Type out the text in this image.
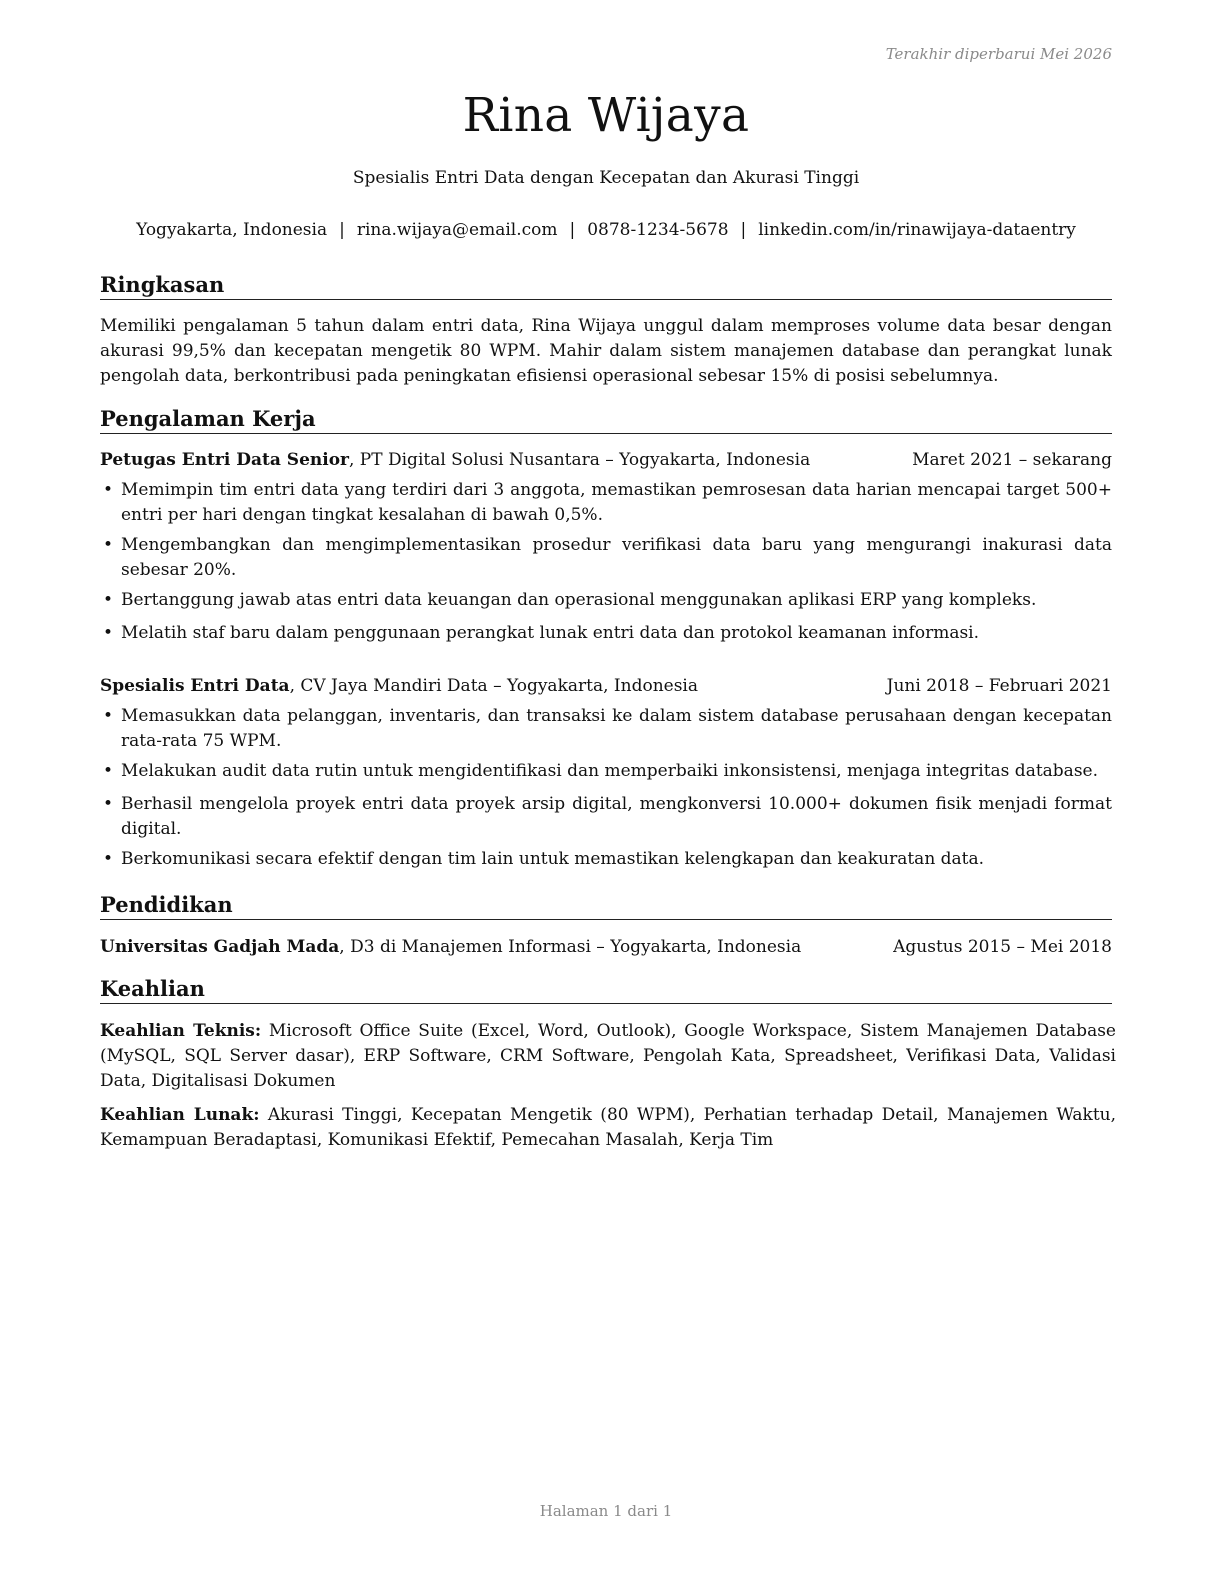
Terakhir diperbarui Mei 2026
Rina Wijaya
Spesialis Entri Data dengan Kecepatan dan Akurasi Tinggi
Yogyakarta, Indonesia | rina.wijaya@email.com | 0878-1234-5678 | linkedin.com/in/rinawijaya-dataentry
Ringkasan
Memiliki pengalaman 5 tahun dalam entri data, Rina Wijaya unggul dalam memproses volume data besar dengan akurasi 99,5% dan kecepatan mengetik 80 WPM. Mahir dalam sistem manajemen database dan perangkat lunak pengolah data, berkontribusi pada peningkatan efisiensi operasional sebesar 15% di posisi sebelumnya.
Pengalaman Kerja
Petugas Entri Data Senior, PT Digital Solusi Nusantara – Yogyakarta, Indonesia	Maret 2021 – sekarang
• Memimpin tim entri data yang terdiri dari 3 anggota, memastikan pemrosesan data harian mencapai target 500+ entri per hari dengan tingkat kesalahan di bawah 0,5%.
• Mengembangkan dan mengimplementasikan prosedur verifikasi data baru yang mengurangi inakurasi data sebesar 20%.
• Bertanggung jawab atas entri data keuangan dan operasional menggunakan aplikasi ERP yang kompleks.
• Melatih staf baru dalam penggunaan perangkat lunak entri data dan protokol keamanan informasi.
Spesialis Entri Data, CV Jaya Mandiri Data – Yogyakarta, Indonesia	Juni 2018 – Februari 2021
• Memasukkan data pelanggan, inventaris, dan transaksi ke dalam sistem database perusahaan dengan kecepatan rata-rata 75 WPM.
• Melakukan audit data rutin untuk mengidentifikasi dan memperbaiki inkonsistensi, menjaga integritas database.
• Berhasil mengelola proyek entri data proyek arsip digital, mengkonversi 10.000+ dokumen fisik menjadi format digital.
• Berkomunikasi secara efektif dengan tim lain untuk memastikan kelengkapan dan keakuratan data.
Pendidikan
Universitas Gadjah Mada, D3 di Manajemen Informasi – Yogyakarta, Indonesia	Agustus 2015 – Mei 2018
Keahlian
Keahlian Teknis: Microsoft Office Suite (Excel, Word, Outlook), Google Workspace, Sistem Manajemen Database (MySQL, SQL Server dasar), ERP Software, CRM Software, Pengolah Kata, Spreadsheet, Verifikasi Data, Validasi Data, Digitalisasi Dokumen
Keahlian Lunak: Akurasi Tinggi, Kecepatan Mengetik (80 WPM), Perhatian terhadap Detail, Manajemen Waktu, Kemampuan Beradaptasi, Komunikasi Efektif, Pemecahan Masalah, Kerja Tim
Halaman 1 dari 1
